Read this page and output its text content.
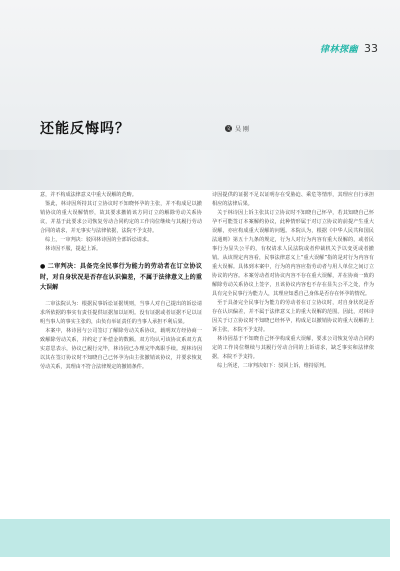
律林探幽 33
还能反悔吗？	文 吴 刚

意，并不构成法律意义中重大误解的范畴。

鉴此，林诗因所持其订立协议时不知晓怀孕的主张，并不构成足以撤销协议的重大误解情形，故其要求撤销该方同订立的解除劳动关系协议，并基于此要求公司恢复劳动合同约定的工作岗位继续与其履行劳动合同的请求，并无事实与法律依据，法院不予支持。

综上，一审判决：驳回林诗因的全部诉讼请求。

林诗因不服，提起上诉。

● 二审判决：具备完全民事行为能力的劳动者在订立协议时，对自身状况是否存在认识偏差，不属于法律意义上的重大误解

二审法院认为：根据民事诉讼证据规则，当事人对自己提出的诉讼请求所依据的事实有责任提供证据加以证明。没有证据或者证据不足以证明当事人的事实主张的，由负有举证责任的当事人承担不利后果。

本案中，林诗因与公司签订了解除劳动关系协议，载明双方经协商一致解除劳动关系，并约定了补偿金的数额。双方均认可该协议系双方真实意思表示，协议已履行完毕，林诗因已办理完毕离职手续。现林诗因以其在签订协议时不知晓自己已怀孕为由主张撤销该协议，并要求恢复劳动关系，其理由不符合法律规定的撤销条件。

诗因提供的证据不足以证明存在受胁迫、乘危等情形，其理应自行承担相应的法律后果。

关于林诗因上诉主张其订立协议时不知晓自己怀孕，若其知晓自己怀孕不可能签订本案解约协议，此种情形属于对订立协议的前提产生重大误解，亦应构成重大误解的问题。本院认为，根据《中华人民共和国民法通则》第五十九条的规定，行为人对行为内容有重大误解的，或者民事行为显失公平的，有权请求人民法院或者仲裁机关予以变更或者撤销。从该规定内容看，民事法律意义上“重大误解”指的是对行为内容有重大误解。具体到本案中，行为的内容应指劳动者与用人单位之间订立协议的内容。本案劳动者对协议内容不存在重大误解，并在协商一致的解除劳动关系协议上签字，且该协议内容也不存在显失公平之处，作为具有完全民事行为能力人，其理应知悉自己身体是否存在怀孕的情况。

至于具备完全民事行为能力的劳动者在订立协议时，对自身状况是否存在认识偏差，并不属于法律意义上的重大误解的范围。因此，对林诗因关于订立协议时不知晓已经怀孕，构成足以撤销协议的重大误解的上诉主张，本院不予支持。

林诗因基于不知晓自己怀孕构成重大误解，要求公司恢复劳动合同约定的工作岗位继续与其履行劳动合同的上诉请求，缺乏事实和法律依据，本院不予支持。

综上所述，二审判决如下：驳回上诉，维持原判。
